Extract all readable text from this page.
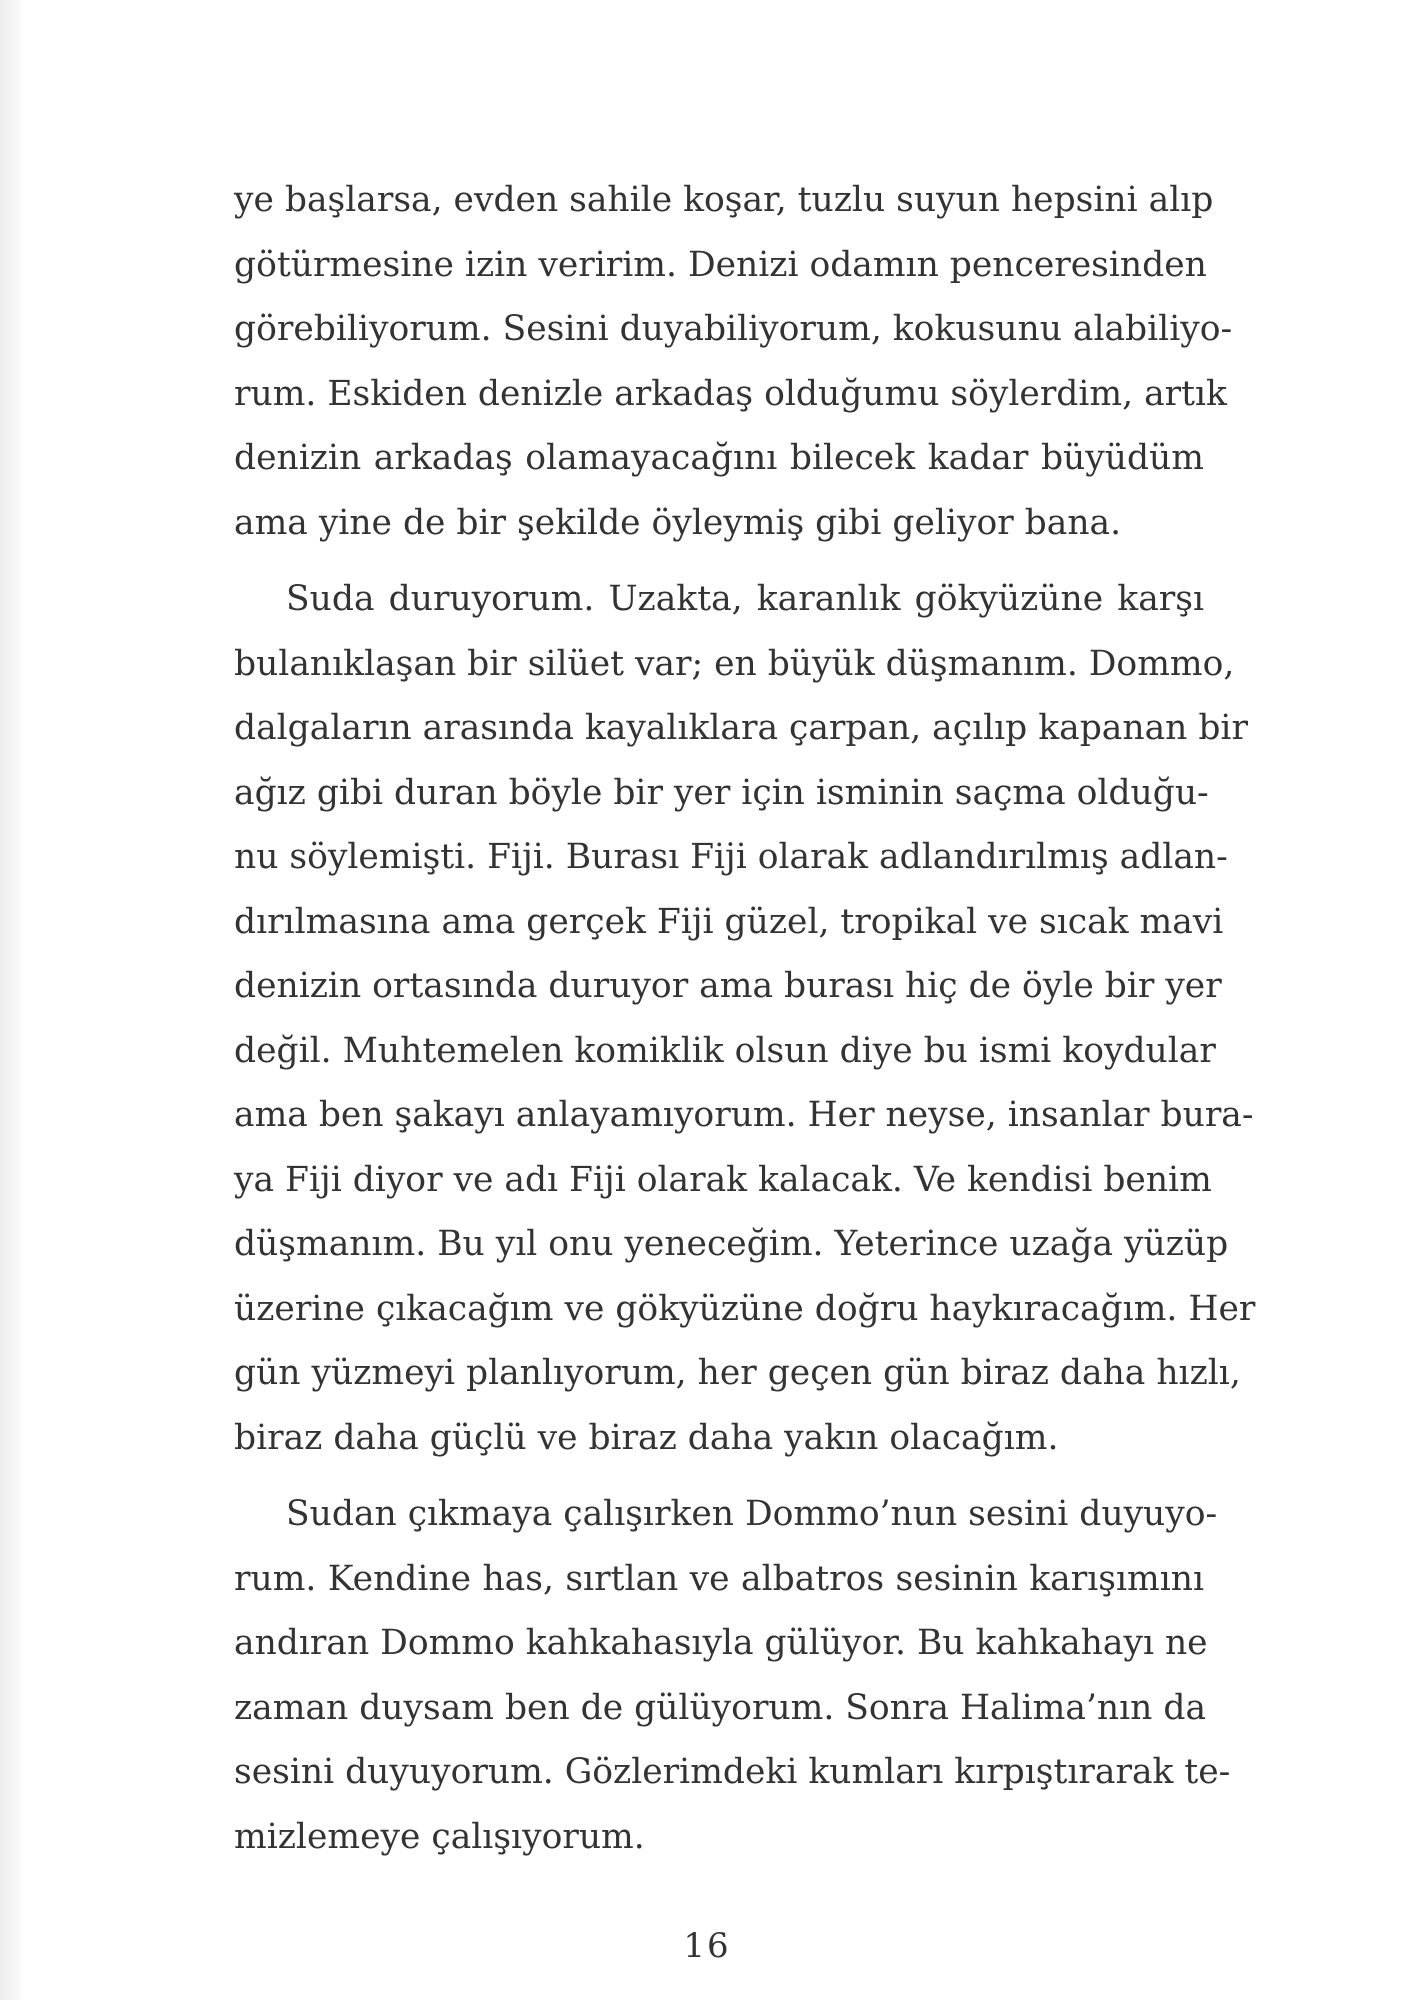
ye başlarsa, evden sahile koşar, tuzlu suyun hepsini alıp
götürmesine izin veririm. Denizi odamın penceresinden
görebiliyorum. Sesini duyabiliyorum, kokusunu alabiliyo-
rum. Eskiden denizle arkadaş olduğumu söylerdim, artık
denizin arkadaş olamayacağını bilecek kadar büyüdüm
ama yine de bir şekilde öyleymiş gibi geliyor bana.

Suda duruyorum. Uzakta, karanlık gökyüzüne karşı
bulanıklaşan bir silüet var; en büyük düşmanım. Dommo,
dalgaların arasında kayalıklara çarpan, açılıp kapanan bir
ağız gibi duran böyle bir yer için isminin saçma olduğu-
nu söylemişti. Fiji. Burası Fiji olarak adlandırılmış adlan-
dırılmasına ama gerçek Fiji güzel, tropikal ve sıcak mavi
denizin ortasında duruyor ama burası hiç de öyle bir yer
değil. Muhtemelen komiklik olsun diye bu ismi koydular
ama ben şakayı anlayamıyorum. Her neyse, insanlar bura-
ya Fiji diyor ve adı Fiji olarak kalacak. Ve kendisi benim
düşmanım. Bu yıl onu yeneceğim. Yeterince uzağa yüzüp
üzerine çıkacağım ve gökyüzüne doğru haykıracağım. Her
gün yüzmeyi planlıyorum, her geçen gün biraz daha hızlı,
biraz daha güçlü ve biraz daha yakın olacağım.

Sudan çıkmaya çalışırken Dommo’nun sesini duyuyo-
rum. Kendine has, sırtlan ve albatros sesinin karışımını
andıran Dommo kahkahasıyla gülüyor. Bu kahkahayı ne
zaman duysam ben de gülüyorum. Sonra Halima’nın da
sesini duyuyorum. Gözlerimdeki kumları kırpıştırarak te-
mizlemeye çalışıyorum.

16
